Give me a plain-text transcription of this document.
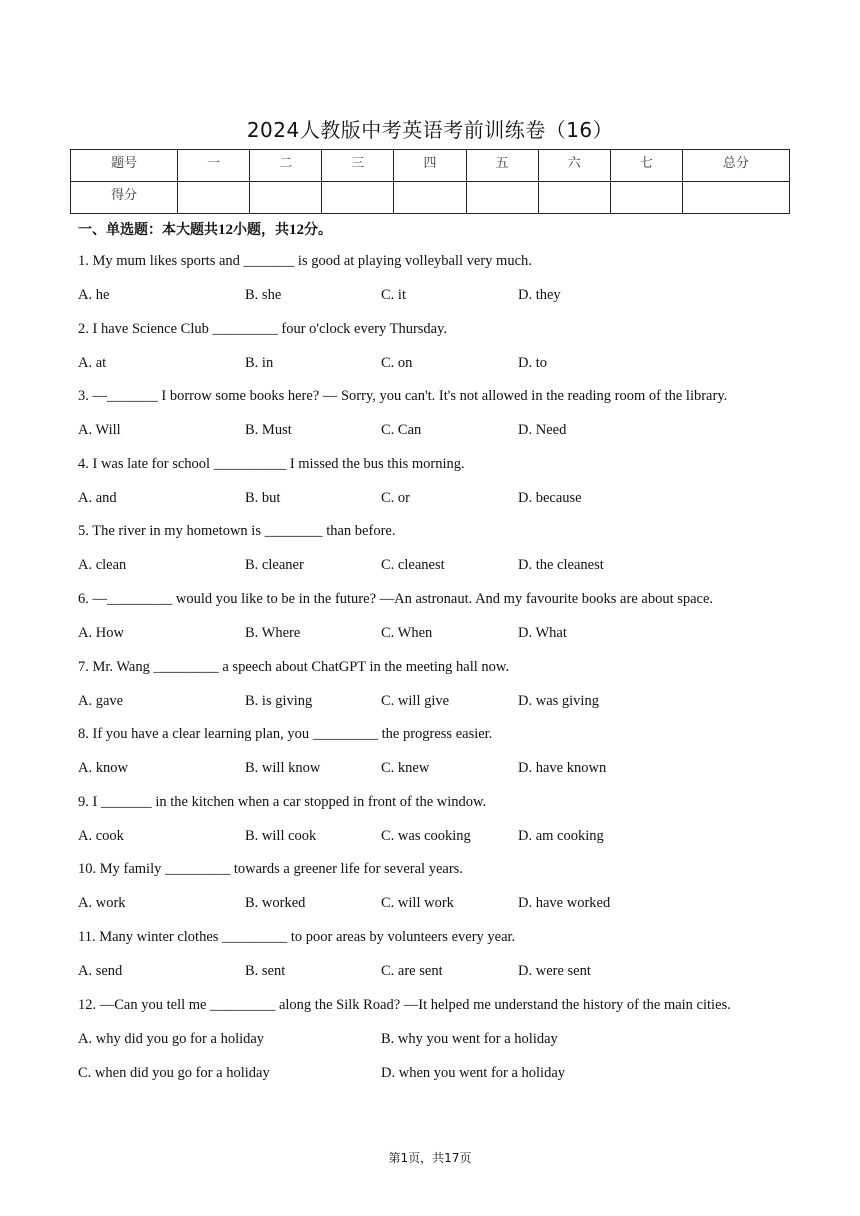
2024人教版中考英语考前训练卷（16）
题号	一	二	三	四	五	六	七	总分
得分								
一、单选题：本大题共12小题，共12分。
1. My mum likes sports and _______ is good at playing volleyball very much.
A. he	B. she	C. it	D. they
2. I have Science Club _________ four o'clock every Thursday.
A. at	B. in	C. on	D. to
3. —_______ I borrow some books here? — Sorry, you can't. It's not allowed in the reading room of the library.
A. Will	B. Must	C. Can	D. Need
4. I was late for school __________ I missed the bus this morning.
A. and	B. but	C. or	D. because
5. The river in my hometown is ________ than before.
A. clean	B. cleaner	C. cleanest	D. the cleanest
6. —_________ would you like to be in the future? —An astronaut. And my favourite books are about space.
A. How	B. Where	C. When	D. What
7. Mr. Wang _________ a speech about ChatGPT in the meeting hall now.
A. gave	B. is giving	C. will give	D. was giving
8. If you have a clear learning plan, you _________ the progress easier.
A. know	B. will know	C. knew	D. have known
9. I _______ in the kitchen when a car stopped in front of the window.
A. cook	B. will cook	C. was cooking	D. am cooking
10. My family _________ towards a greener life for several years.
A. work	B. worked	C. will work	D. have worked
11. Many winter clothes _________ to poor areas by volunteers every year.
A. send	B. sent	C. are sent	D. were sent
12. —Can you tell me _________ along the Silk Road? —It helped me understand the history of the main cities.
A. why did you go for a holiday	B. why you went for a holiday
C. when did you go for a holiday	D. when you went for a holiday
第1页，共17页
